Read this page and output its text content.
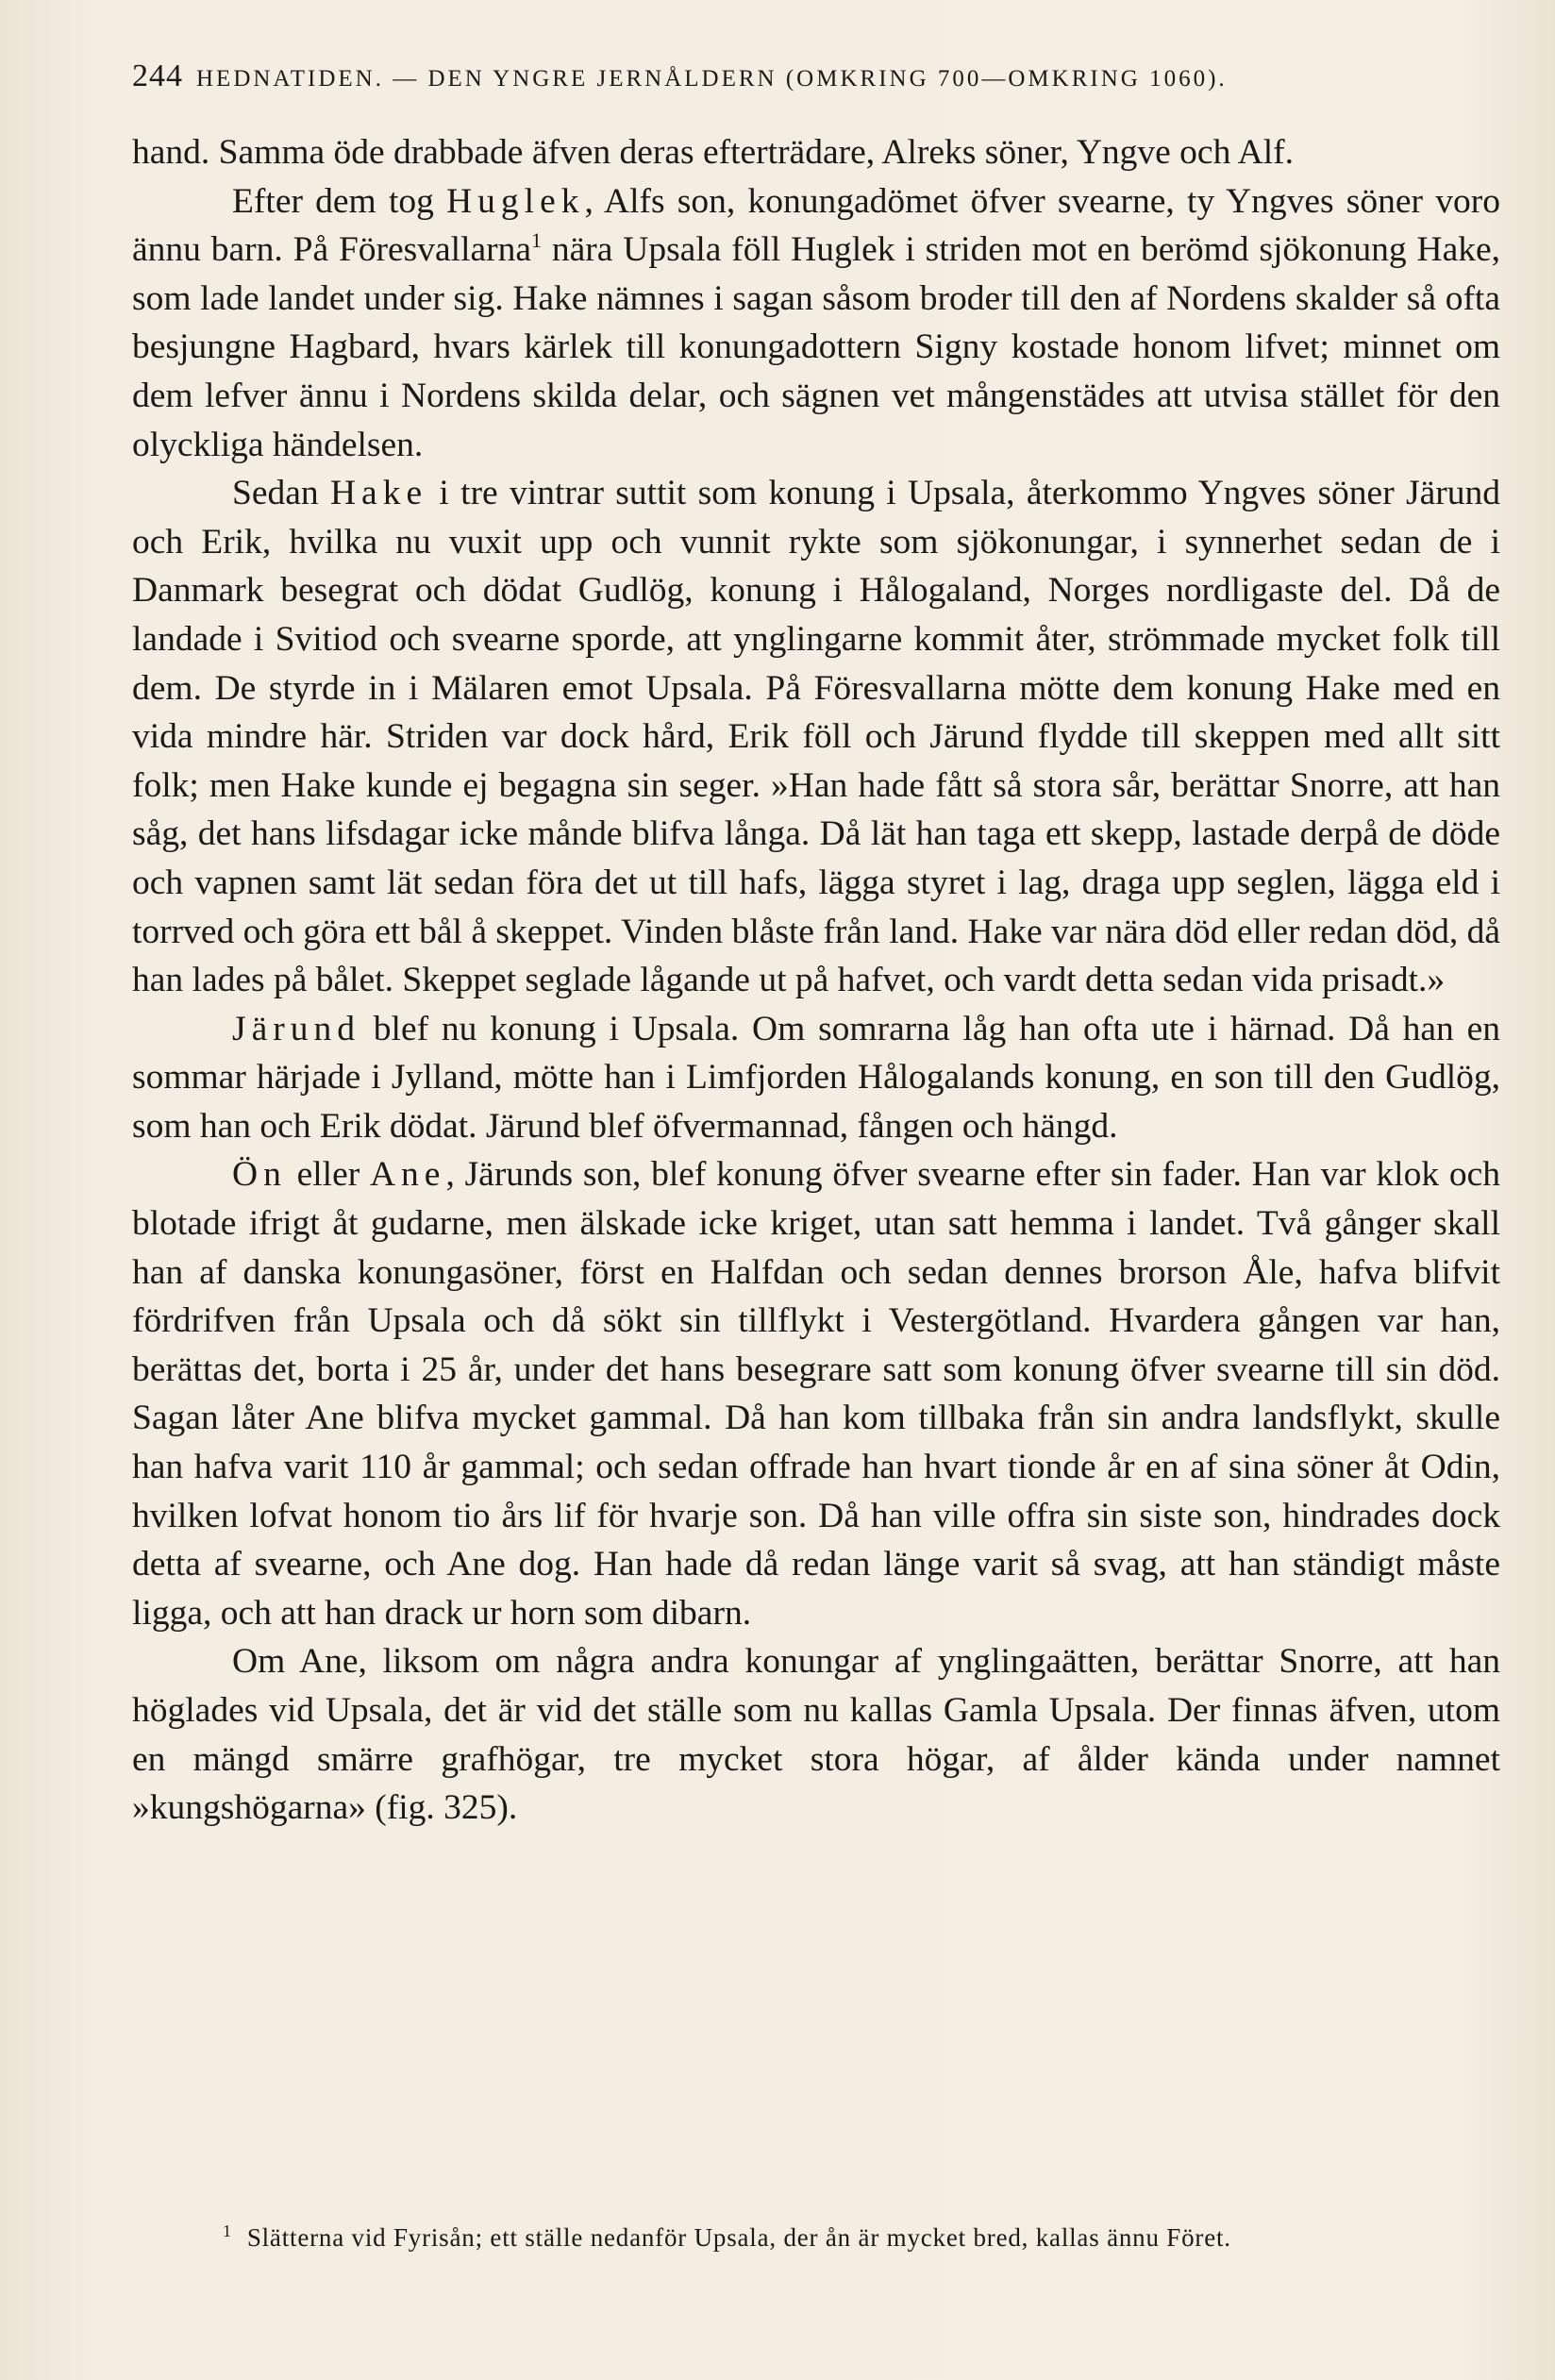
244 HEDNATIDEN. — DEN YNGRE JERNÅLDERN (OMKRING 700—OMKRING 1060).

hand. Samma öde drabbade äfven deras efterträdare, Alreks söner, Yngve och Alf.

Efter dem tog Huglek, Alfs son, konungadömet öfver svearne, ty Yngves söner voro ännu barn. På Föresvallarna$^1$ nära Upsala föll Huglek i striden mot en berömd sjökonung Hake, som lade landet under sig. Hake nämnes i sagan såsom broder till den af Nordens skalder så ofta besjungne Hagbard, hvars kärlek till konungadottern Signy kostade honom lifvet; minnet om dem lefver ännu i Nordens skilda delar, och sägnen vet mångenstädes att utvisa stället för den olyckliga händelsen.

Sedan Hake i tre vintrar suttit som konung i Upsala, återkommo Yngves söner Järund och Erik, hvilka nu vuxit upp och vunnit rykte som sjökonungar, i synnerhet sedan de i Danmark besegrat och dödat Gudlög, konung i Hålogaland, Norges nordligaste del. Då de landade i Svitiod och svearne sporde, att ynglingarne kommit åter, strömmade mycket folk till dem. De styrde in i Mälaren emot Upsala. På Föresvallarna mötte dem konung Hake med en vida mindre här. Striden var dock hård, Erik föll och Järund flydde till skeppen med allt sitt folk; men Hake kunde ej begagna sin seger. »Han hade fått så stora sår, berättar Snorre, att han såg, det hans lifsdagar icke månde blifva långa. Då lät han taga ett skepp, lastade derpå de döde och vapnen samt lät sedan föra det ut till hafs, lägga styret i lag, draga upp seglen, lägga eld i torrved och göra ett bål å skeppet. Vinden blåste från land. Hake var nära död eller redan död, då han lades på bålet. Skeppet seglade lågande ut på hafvet, och vardt detta sedan vida prisadt.»

Järund blef nu konung i Upsala. Om somrarna låg han ofta ute i härnad. Då han en sommar härjade i Jylland, mötte han i Limfjorden Hålogalands konung, en son till den Gudlög, som han och Erik dödat. Järund blef öfvermannad, fången och hängd.

Ön eller Ane, Järunds son, blef konung öfver svearne efter sin fader. Han var klok och blotade ifrigt åt gudarne, men älskade icke kriget, utan satt hemma i landet. Två gånger skall han af danska konungasöner, först en Halfdan och sedan dennes brorson Åle, hafva blifvit fördrifven från Upsala och då sökt sin tillflykt i Vestergötland. Hvardera gången var han, berättas det, borta i 25 år, under det hans besegrare satt som konung öfver svearne till sin död. Sagan låter Ane blifva mycket gammal. Då han kom tillbaka från sin andra landsflykt, skulle han hafva varit 110 år gammal; och sedan offrade han hvart tionde år en af sina söner åt Odin, hvilken lofvat honom tio års lif för hvarje son. Då han ville offra sin siste son, hindrades dock detta af svearne, och Ane dog. Han hade då redan länge varit så svag, att han ständigt måste ligga, och att han drack ur horn som dibarn.

Om Ane, liksom om några andra konungar af ynglingaätten, berättar Snorre, att han höglades vid Upsala, det är vid det ställe som nu kallas Gamla Upsala. Der finnas äfven, utom en mängd smärre grafhögar, tre mycket stora högar, af ålder kända under namnet »kungshögarna» (fig. 325).

$^1$ Slätterna vid Fyrisån; ett ställe nedanför Upsala, der ån är mycket bred, kallas ännu Föret.
